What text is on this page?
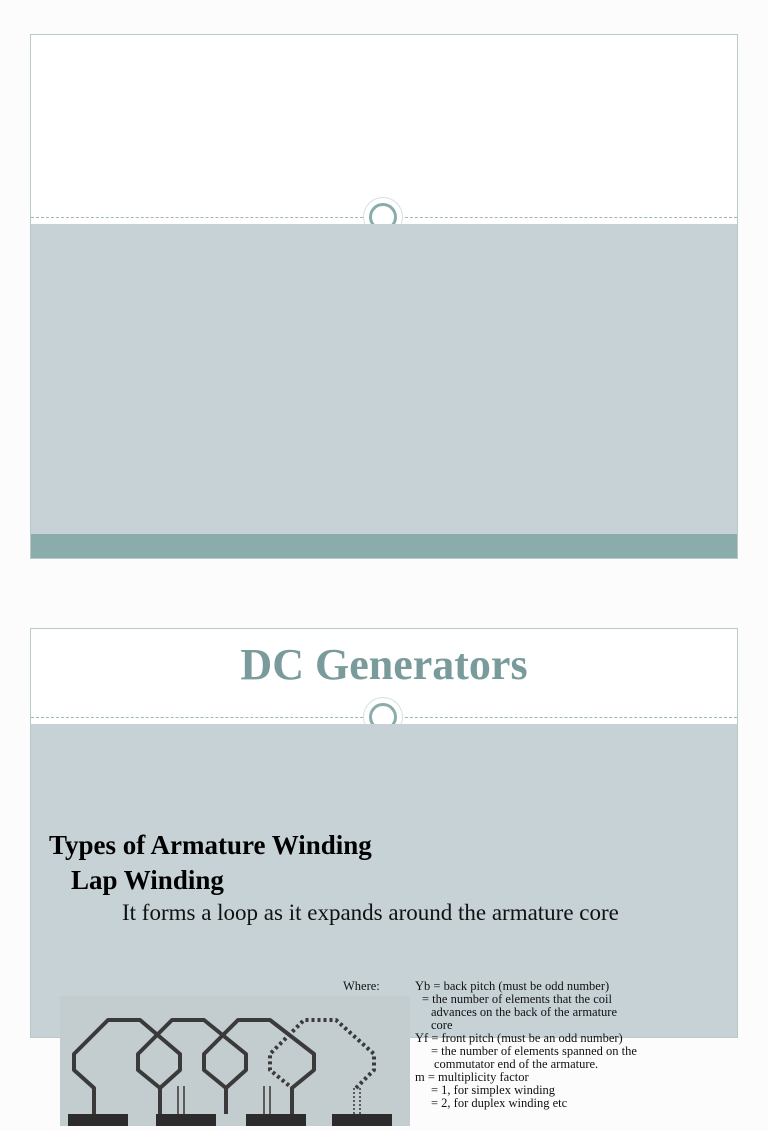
DC Generators
Types of Armature Winding
Lap Winding
It forms a loop as it expands around the armature core
Where:	Yb = back pitch (must be odd number)
= the number of elements that the coil
advances on the back of the armature
core
Yf = front pitch (must be an odd number)
= the number of elements spanned on the
commutator end of the armature.
m = multiplicity factor
= 1, for simplex winding
= 2, for duplex winding etc
